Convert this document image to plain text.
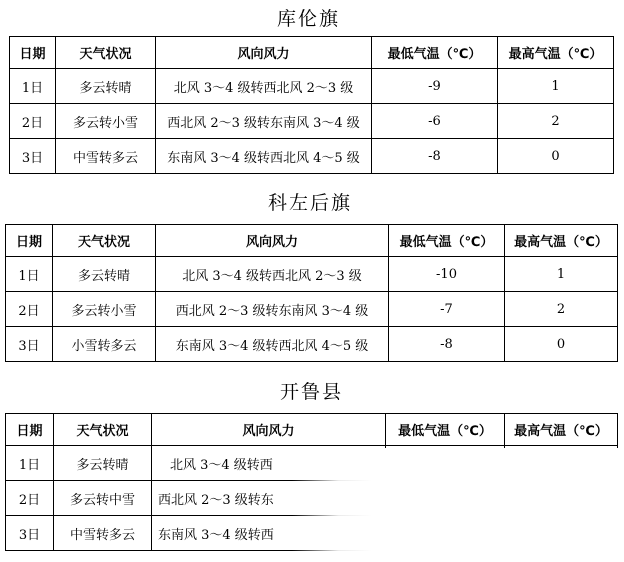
库伦旗
日期	天气状况	风向风力	最低气温（℃）	最高气温（℃）
1日	多云转晴	北风 3～4 级转西北风 2～3 级	-9	1
2日	多云转小雪	西北风 2～3 级转东南风 3～4 级	-6	2
3日	中雪转多云	东南风 3～4 级转西北风 4～5 级	-8	0
科左后旗
日期	天气状况	风向风力	最低气温（℃）	最高气温（℃）
1日	多云转晴	北风 3～4 级转西北风 2～3 级	-10	1
2日	多云转小雪	西北风 2～3 级转东南风 3～4 级	-7	2
3日	小雪转多云	东南风 3～4 级转西北风 4～5 级	-8	0
开鲁县
日期	天气状况	风向风力	最低气温（℃）	最高气温（℃）
1日	多云转晴	北风 3～4 级转西		
2日	多云转中雪	西北风 2～3 级转东		
3日	中雪转多云	东南风 3～4 级转西		
